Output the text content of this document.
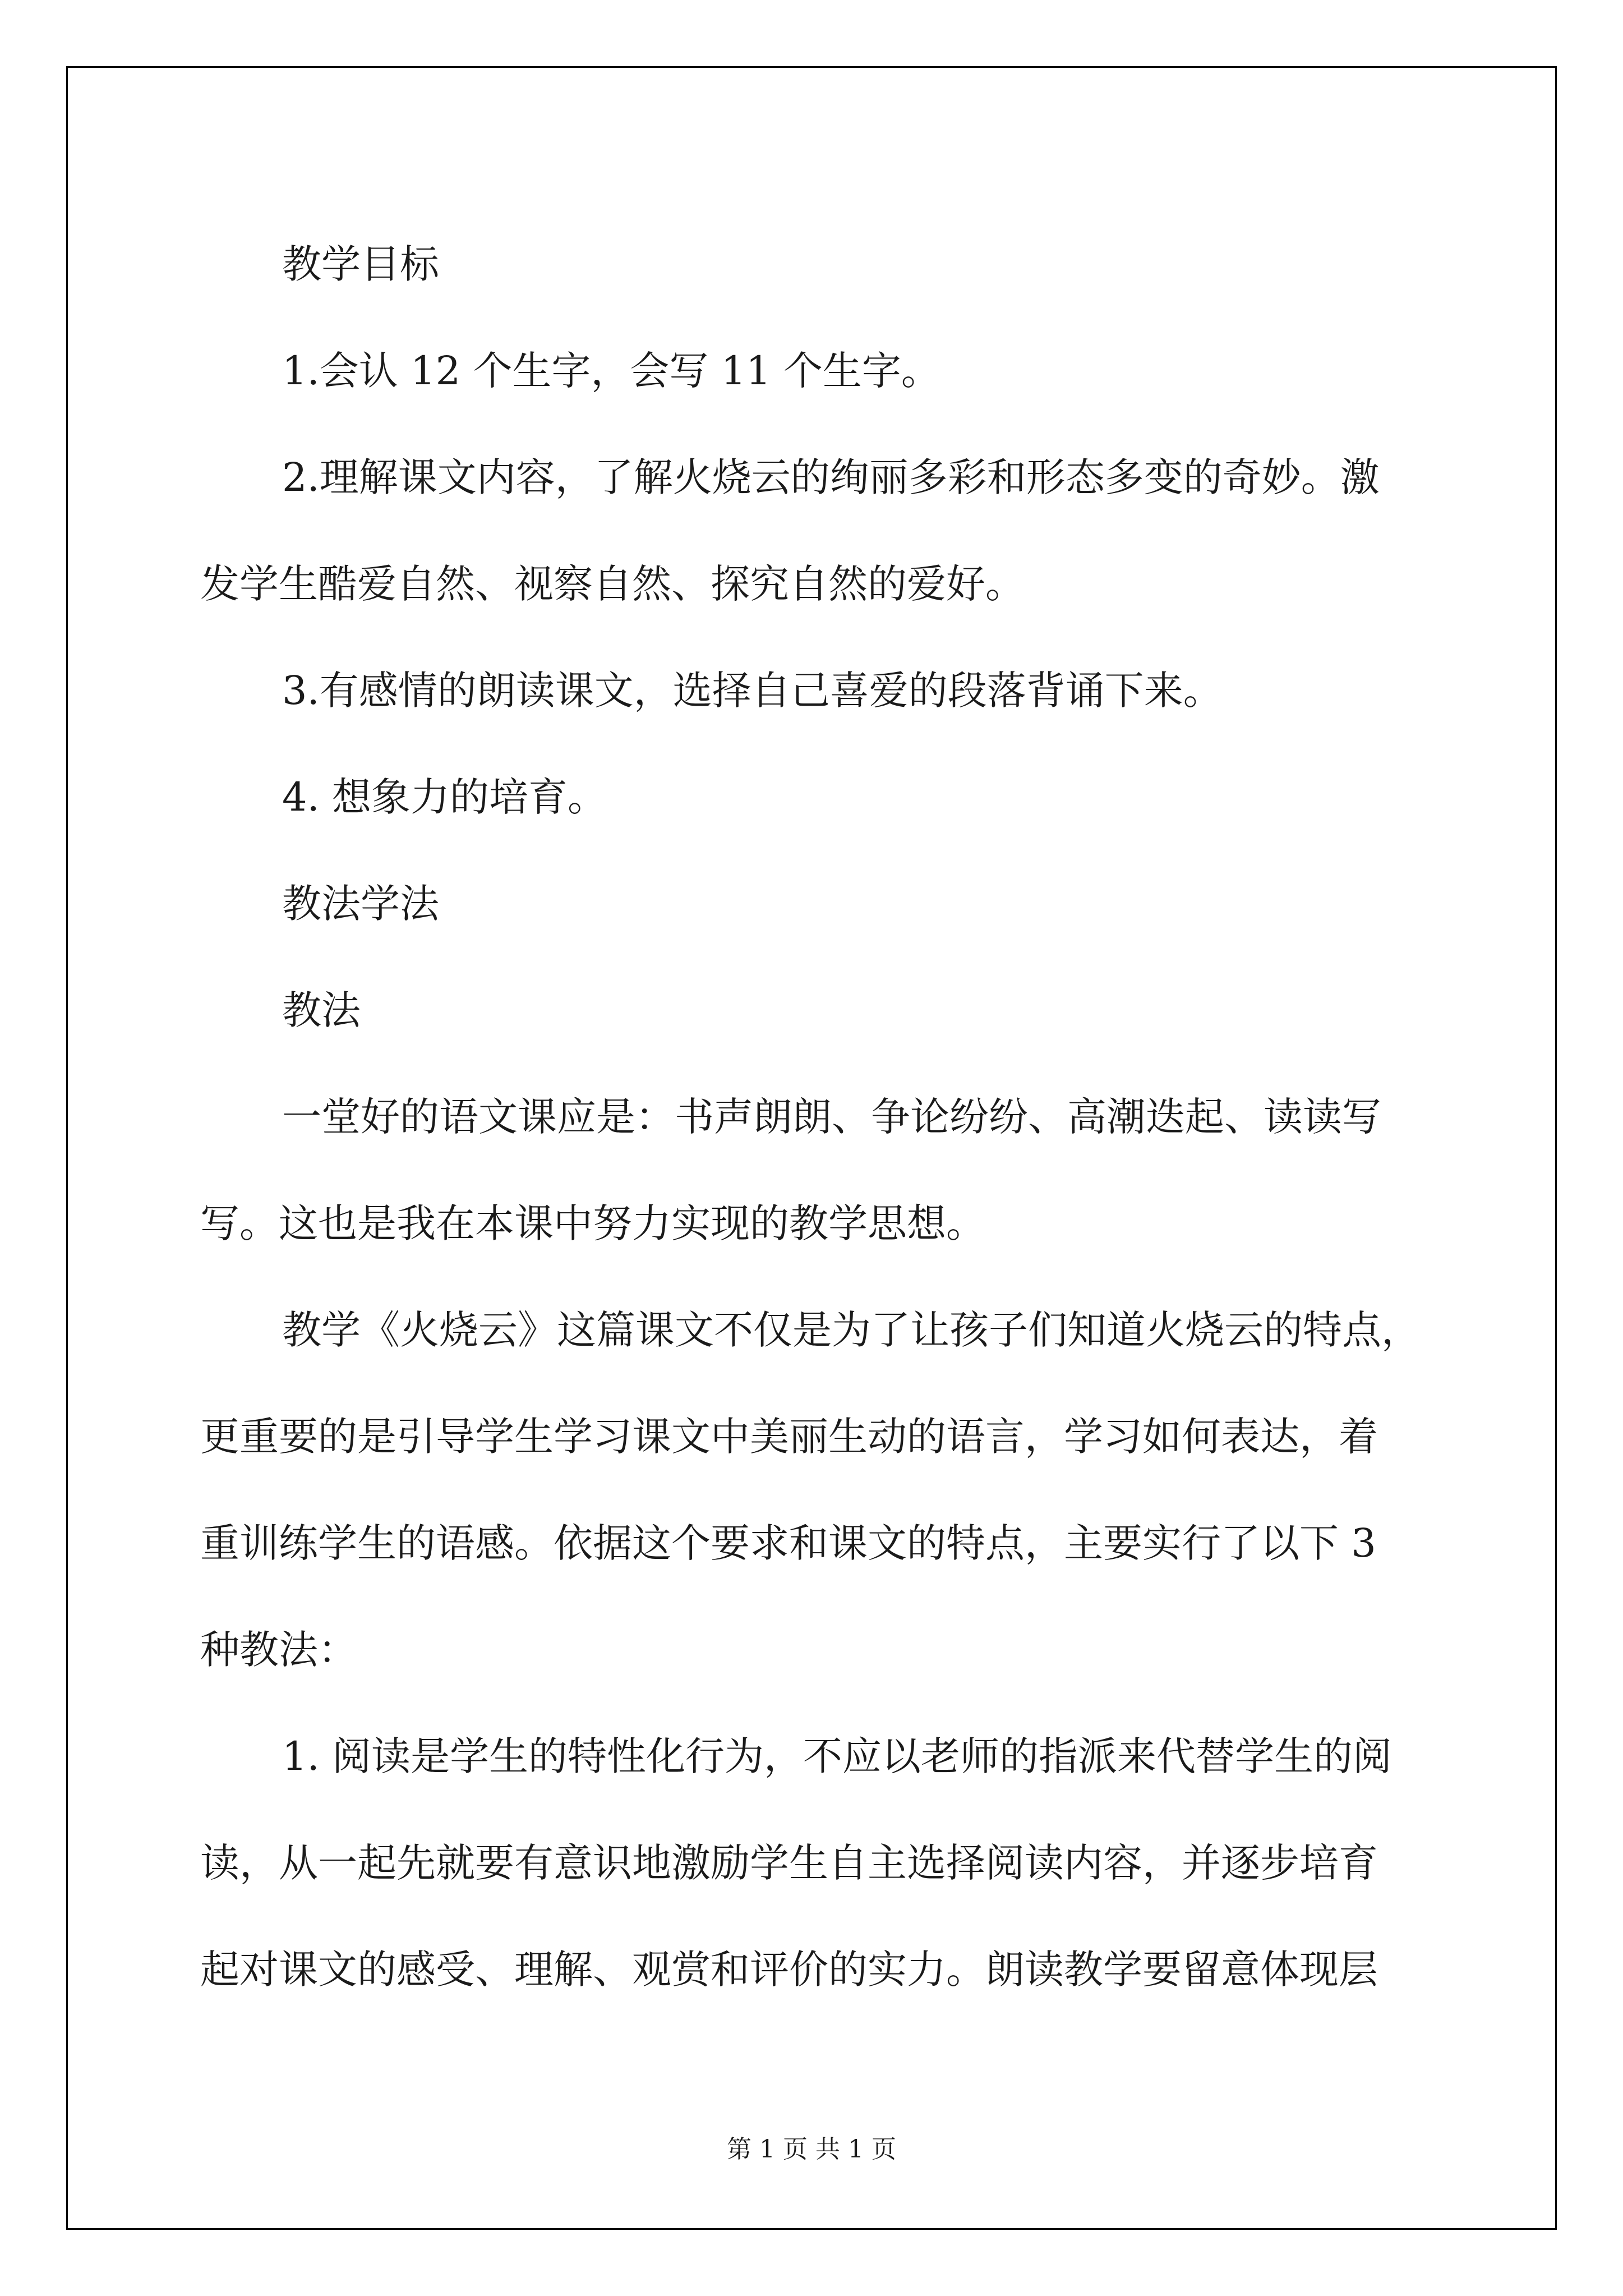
教学目标

1.会认 12 个生字，会写 11 个生字。

2.理解课文内容，了解火烧云的绚丽多彩和形态多变的奇妙。激

发学生酷爱自然、视察自然、探究自然的爱好。

3.有感情的朗读课文，选择自己喜爱的段落背诵下来。

4. 想象力的培育。

教法学法

教法

一堂好的语文课应是：书声朗朗、争论纷纷、高潮迭起、读读写

写。这也是我在本课中努力实现的教学思想。

教学《火烧云》这篇课文不仅是为了让孩子们知道火烧云的特点，

更重要的是引导学生学习课文中美丽生动的语言，学习如何表达，着

重训练学生的语感。依据这个要求和课文的特点，主要实行了以下 3

种教法：

1. 阅读是学生的特性化行为，不应以老师的指派来代替学生的阅

读，从一起先就要有意识地激励学生自主选择阅读内容，并逐步培育

起对课文的感受、理解、观赏和评价的实力。朗读教学要留意体现层

第 1 页 共 1 页
